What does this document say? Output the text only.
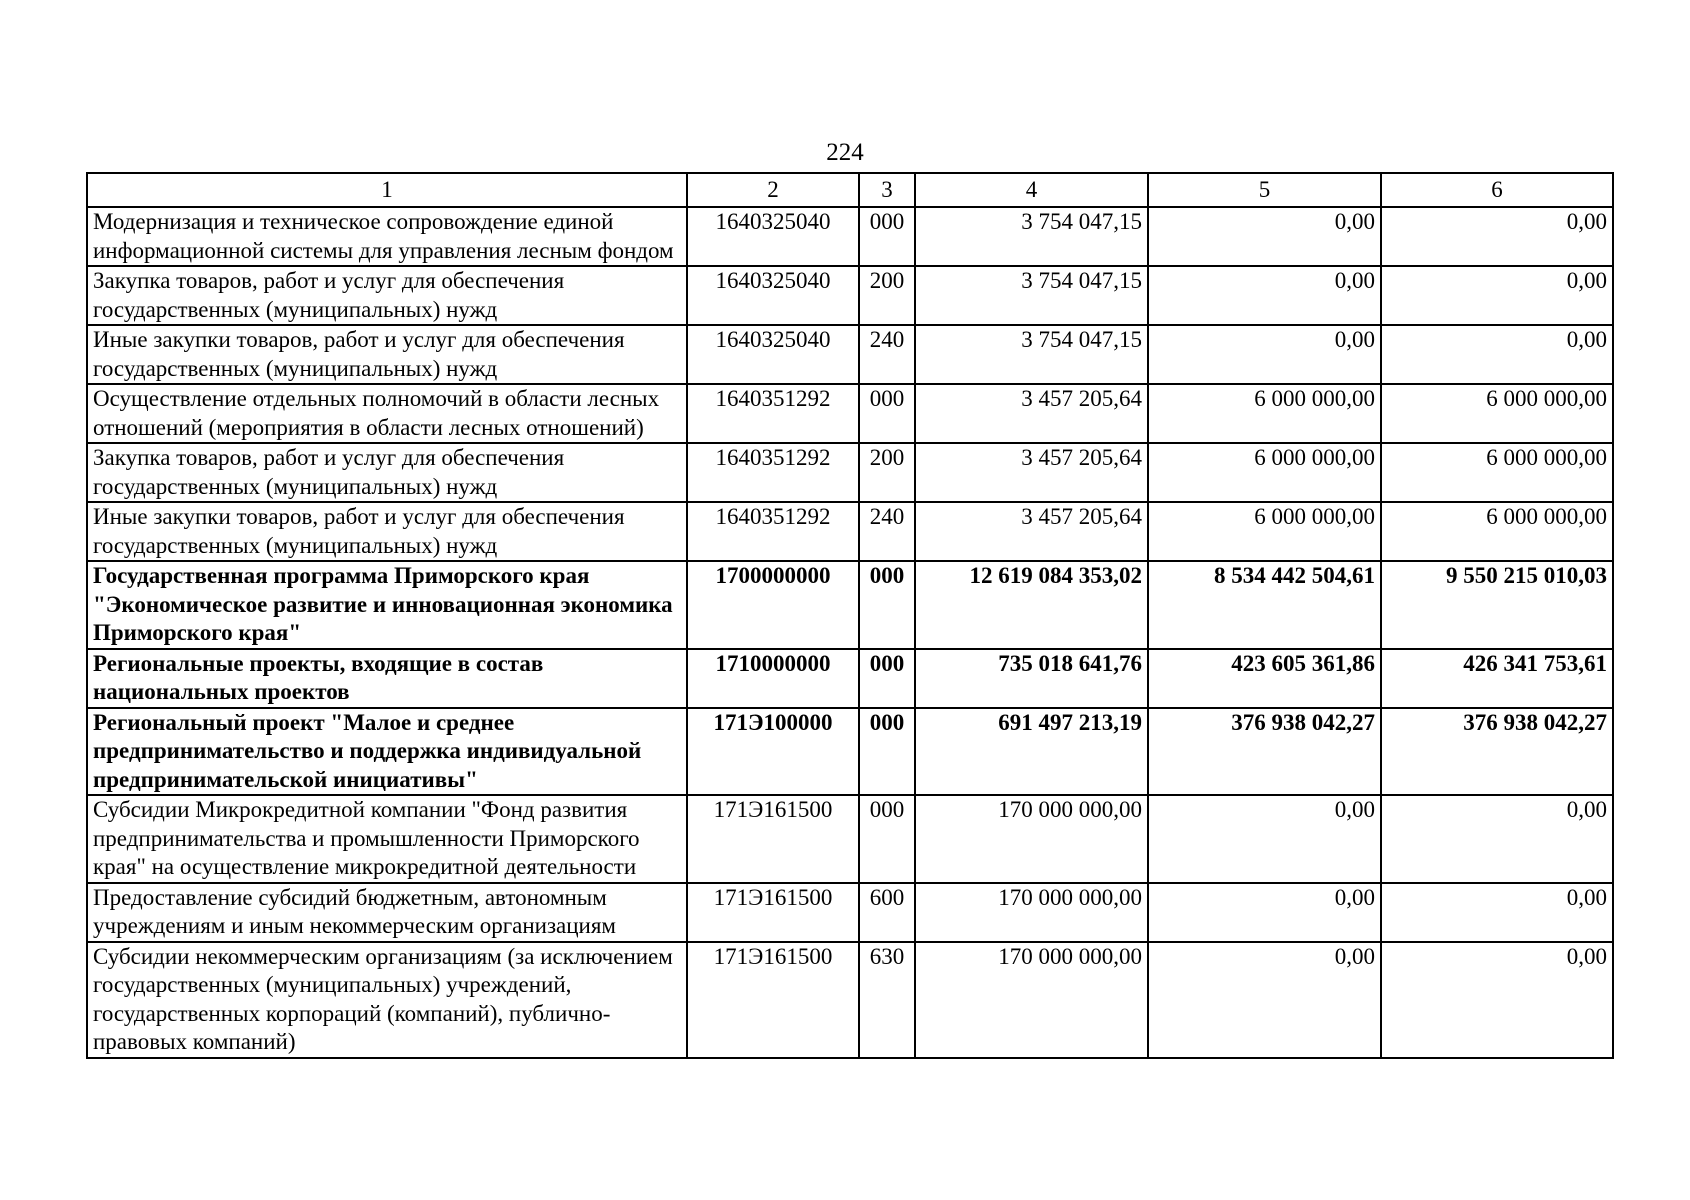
224
1	2	3	4	5	6
Модернизация и техническое сопровождение единой информационной системы для управления лесным фондом	1640325040	000	3 754 047,15	0,00	0,00
Закупка товаров, работ и услуг для обеспечения государственных (муниципальных) нужд	1640325040	200	3 754 047,15	0,00	0,00
Иные закупки товаров, работ и услуг для обеспечения государственных (муниципальных) нужд	1640325040	240	3 754 047,15	0,00	0,00
Осуществление отдельных полномочий в области лесных отношений (мероприятия в области лесных отношений)	1640351292	000	3 457 205,64	6 000 000,00	6 000 000,00
Закупка товаров, работ и услуг для обеспечения государственных (муниципальных) нужд	1640351292	200	3 457 205,64	6 000 000,00	6 000 000,00
Иные закупки товаров, работ и услуг для обеспечения государственных (муниципальных) нужд	1640351292	240	3 457 205,64	6 000 000,00	6 000 000,00
Государственная программа Приморского края "Экономическое развитие и инновационная экономика Приморского края"	1700000000	000	12 619 084 353,02	8 534 442 504,61	9 550 215 010,03
Региональные проекты, входящие в состав национальных проектов	1710000000	000	735 018 641,76	423 605 361,86	426 341 753,61
Региональный проект "Малое и среднее предпринимательство и поддержка индивидуальной предпринимательской инициативы"	171Э100000	000	691 497 213,19	376 938 042,27	376 938 042,27
Субсидии Микрокредитной компании "Фонд развития предпринимательства и промышленности Приморского края" на осуществление микрокредитной деятельности	171Э161500	000	170 000 000,00	0,00	0,00
Предоставление субсидий бюджетным, автономным учреждениям и иным некоммерческим организациям	171Э161500	600	170 000 000,00	0,00	0,00
Субсидии некоммерческим организациям (за исключением государственных (муниципальных) учреждений, государственных корпораций (компаний), публично-правовых компаний)	171Э161500	630	170 000 000,00	0,00	0,00
